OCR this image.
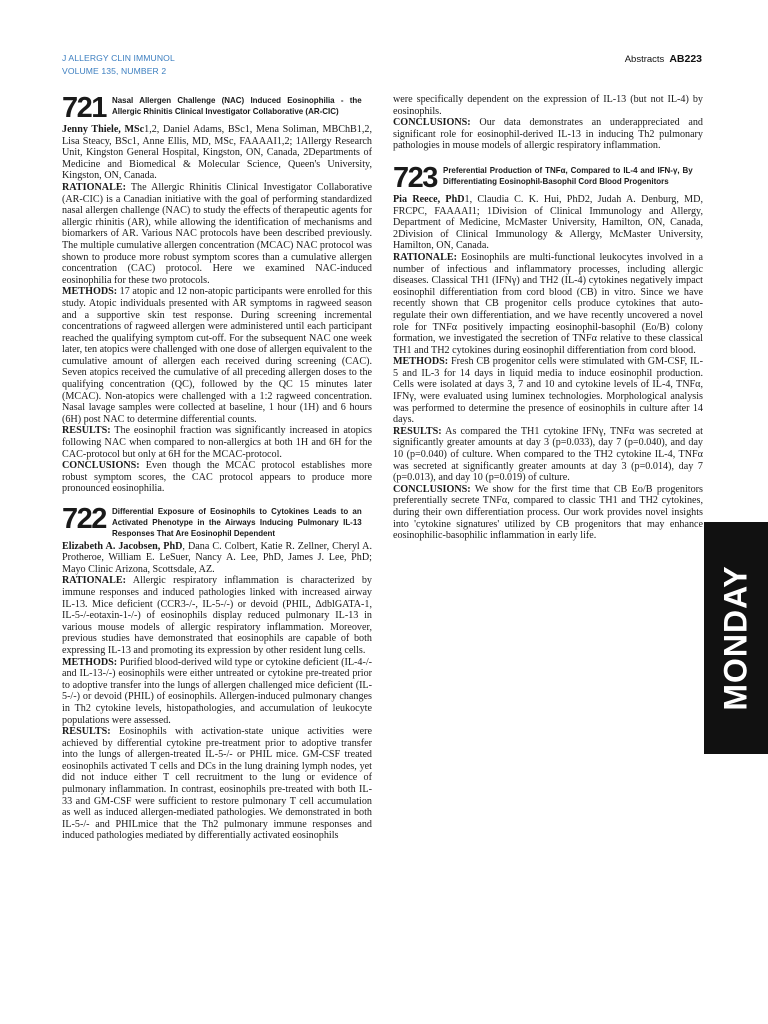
J ALLERGY CLIN IMMUNOL
VOLUME 135, NUMBER 2
Abstracts AB223
721 Nasal Allergen Challenge (NAC) Induced Eosinophilia - the Allergic Rhinitis Clinical Investigator Collaborative (AR-CIC)

Jenny Thiele, MSc1,2, Daniel Adams, BSc1, Mena Soliman, MBChB1,2, Lisa Steacy, BSc1, Anne Ellis, MD, MSc, FAAAAI1,2; 1Allergy Research Unit, Kingston General Hospital, Kingston, ON, Canada, 2Departments of Medicine and Biomedical & Molecular Science, Queen's University, Kingston, ON, Canada.

RATIONALE: The Allergic Rhinitis Clinical Investigator Collaborative (AR-CIC) is a Canadian initiative with the goal of performing standardized nasal allergen challenge (NAC) to study the effects of therapeutic agents for allergic rhinitis (AR), while allowing the identification of mechanisms and biomarkers of AR. Various NAC protocols have been described previously. The multiple cumulative allergen concentration (MCAC) NAC protocol was shown to produce more robust symptom scores than a cumulative allergen concentration (CAC) protocol. Here we examined NAC-induced eosinophilia for these two protocols.

METHODS: 17 atopic and 12 non-atopic participants were enrolled for this study. Atopic individuals presented with AR symptoms in ragweed season and a supportive skin test response. During screening incremental concentrations of ragweed allergen were administered until each participant reached the qualifying symptom cut-off. For the subsequent NAC one week later, ten atopics were challenged with one dose of allergen equivalent to the cumulative amount of allergen each received during screening (CAC). Seven atopics received the cumulative of all preceding allergen doses to the qualifying concentration (QC), followed by the QC 15 minutes later (MCAC). Non-atopics were challenged with a 1:2 ragweed concentration. Nasal lavage samples were collected at baseline, 1 hour (1H) and 6 hours (6H) post NAC to determine differential counts.

RESULTS: The eosinophil fraction was significantly increased in atopics following NAC when compared to non-allergics at both 1H and 6H for the CAC-protocol but only at 6H for the MCAC-protocol.

CONCLUSIONS: Even though the MCAC protocol establishes more robust symptom scores, the CAC protocol appears to produce more pronounced eosinophilia.

722 Differential Exposure of Eosinophils to Cytokines Leads to an Activated Phenotype in the Airways Inducing Pulmonary IL-13 Responses That Are Eosinophil Dependent

Elizabeth A. Jacobsen, PhD, Dana C. Colbert, Katie R. Zellner, Cheryl A. Protheroe, William E. LeSuer, Nancy A. Lee, PhD, James J. Lee, PhD; Mayo Clinic Arizona, Scottsdale, AZ.

RATIONALE: Allergic respiratory inflammation is characterized by immune responses and induced pathologies linked with increased airway IL-13. Mice deficient (CCR3-/-, IL-5-/-) or devoid (PHIL, ΔdblGATA-1, IL-5-/-eotaxin-1-/-) of eosinophils display reduced pulmonary IL-13 in various mouse models of allergic respiratory inflammation. Moreover, previous studies have demonstrated that eosinophils are capable of both expressing IL-13 and promoting its expression by other resident lung cells.

METHODS: Purified blood-derived wild type or cytokine deficient (IL-4-/- and IL-13-/-) eosinophils were either untreated or cytokine pre-treated prior to adoptive transfer into the lungs of allergen challenged mice deficient (IL-5-/-) or devoid (PHIL) of eosinophils. Allergen-induced pulmonary changes in Th2 cytokine levels, histopathologies, and accumulation of leukocyte populations were assessed.

RESULTS: Eosinophils with activation-state unique activities were achieved by differential cytokine pre-treatment prior to adoptive transfer into the lungs of allergen-treated IL-5-/- or PHIL mice. GM-CSF treated eosinophils activated T cells and DCs in the lung draining lymph nodes, yet did not induce either T cell recruitment to the lung or evidence of pulmonary inflammation. In contrast, eosinophils pre-treated with both IL-33 and GM-CSF were sufficient to restore pulmonary T cell accumulation as well as induced allergen-mediated pathologies. We demonstrated in both IL-5-/- and PHILmice that the Th2 pulmonary immune responses and induced pathologies mediated by differentially activated eosinophils

were specifically dependent on the expression of IL-13 (but not IL-4) by eosinophils.

CONCLUSIONS: Our data demonstrates an underappreciated and significant role for eosinophil-derived IL-13 in inducing Th2 pulmonary pathologies in mouse models of allergic respiratory inflammation.

723 Preferential Production of TNFα, Compared to IL-4 and IFN-γ, By Differentiating Eosinophil-Basophil Cord Blood Progenitors

Pia Reece, PhD1, Claudia C. K. Hui, PhD2, Judah A. Denburg, MD, FRCPC, FAAAAI1; 1Division of Clinical Immunology and Allergy, Department of Medicine, McMaster University, Hamilton, ON, Canada, 2Division of Clinical Immunology & Allergy, McMaster University, Hamilton, ON, Canada.

RATIONALE: Eosinophils are multi-functional leukocytes involved in a number of infectious and inflammatory processes, including allergic diseases. Classical TH1 (IFNγ) and TH2 (IL-4) cytokines negatively impact eosinophil differentiation from cord blood (CB) in vitro. Since we have recently shown that CB progenitor cells produce cytokines that auto-regulate their own differentiation, and we have recently uncovered a novel role for TNFα positively impacting eosinophil-basophil (Eo/B) colony formation, we investigated the secretion of TNFα relative to these classical TH1 and TH2 cytokines during eosinophil differentiation from cord blood.

METHODS: Fresh CB progenitor cells were stimulated with GM-CSF, IL-5 and IL-3 for 14 days in liquid media to induce eosinophil production. Cells were isolated at days 3, 7 and 10 and cytokine levels of IL-4, TNFα, IFNγ, were evaluated using luminex technologies. Morphological analysis was performed to determine the presence of eosinophils in culture after 14 days.

RESULTS: As compared the TH1 cytokine IFNγ, TNFα was secreted at significantly greater amounts at day 3 (p=0.033), day 7 (p=0.040), and day 10 (p=0.040) of culture. When compared to the TH2 cytokine IL-4, TNFα was secreted at significantly greater amounts at day 3 (p=0.014), day 7 (p=0.013), and day 10 (p=0.019) of culture.

CONCLUSIONS: We show for the first time that CB Eo/B progenitors preferentially secrete TNFα, compared to classic TH1 and TH2 cytokines, during their own differentiation process. Our work provides novel insights into 'cytokine signatures' utilized by CB progenitors that may enhance eosinophilic-basophilic inflammation in early life.

MONDAY
